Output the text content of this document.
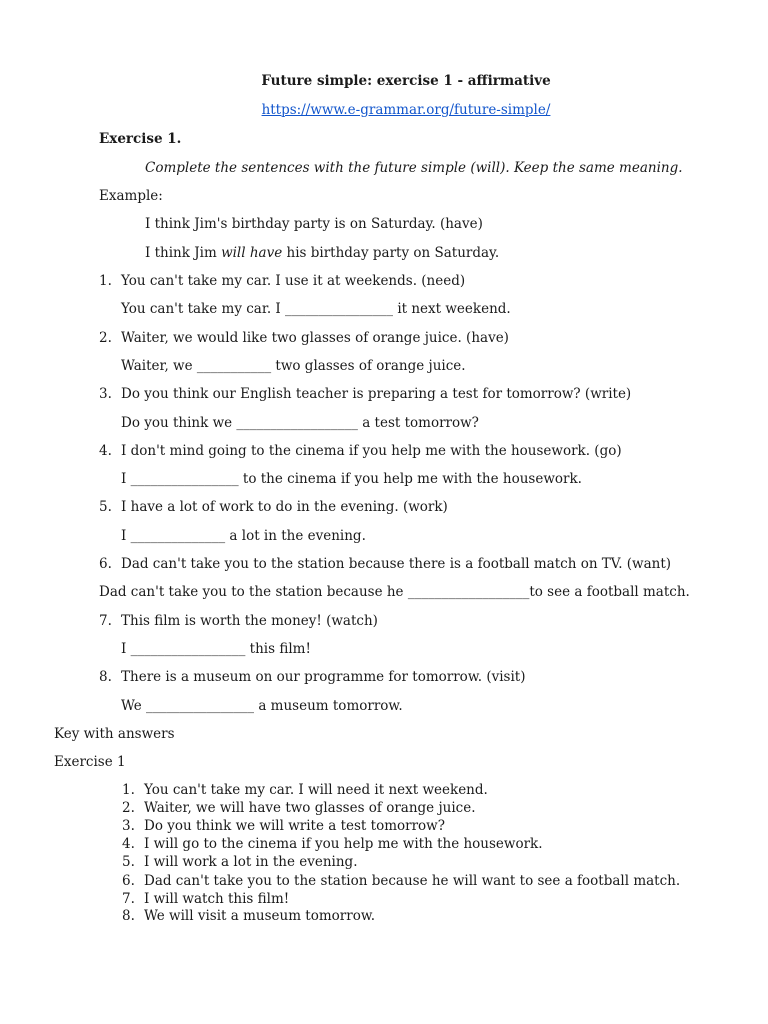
Future simple: exercise 1 - affirmative
https://www.e-grammar.org/future-simple/
Exercise 1.
Complete the sentences with the future simple (will). Keep the same meaning.
Example:
I think Jim's birthday party is on Saturday. (have)
I think Jim will have his birthday party on Saturday.
1. You can't take my car. I use it at weekends. (need)
You can't take my car. I ________________ it next weekend.
2. Waiter, we would like two glasses of orange juice. (have)
Waiter, we ___________ two glasses of orange juice.
3. Do you think our English teacher is preparing a test for tomorrow? (write)
Do you think we __________________ a test tomorrow?
4. I don't mind going to the cinema if you help me with the housework. (go)
I ________________ to the cinema if you help me with the housework.
5. I have a lot of work to do in the evening. (work)
I ______________ a lot in the evening.
6. Dad can't take you to the station because there is a football match on TV. (want)
Dad can't take you to the station because he __________________to see a football match.
7. This film is worth the money! (watch)
I _________________ this film!
8. There is a museum on our programme for tomorrow. (visit)
We ________________ a museum tomorrow.
Key with answers
Exercise 1
1. You can't take my car. I will need it next weekend.
2. Waiter, we will have two glasses of orange juice.
3. Do you think we will write a test tomorrow?
4. I will go to the cinema if you help me with the housework.
5. I will work a lot in the evening.
6. Dad can't take you to the station because he will want to see a football match.
7. I will watch this film!
8. We will visit a museum tomorrow.
